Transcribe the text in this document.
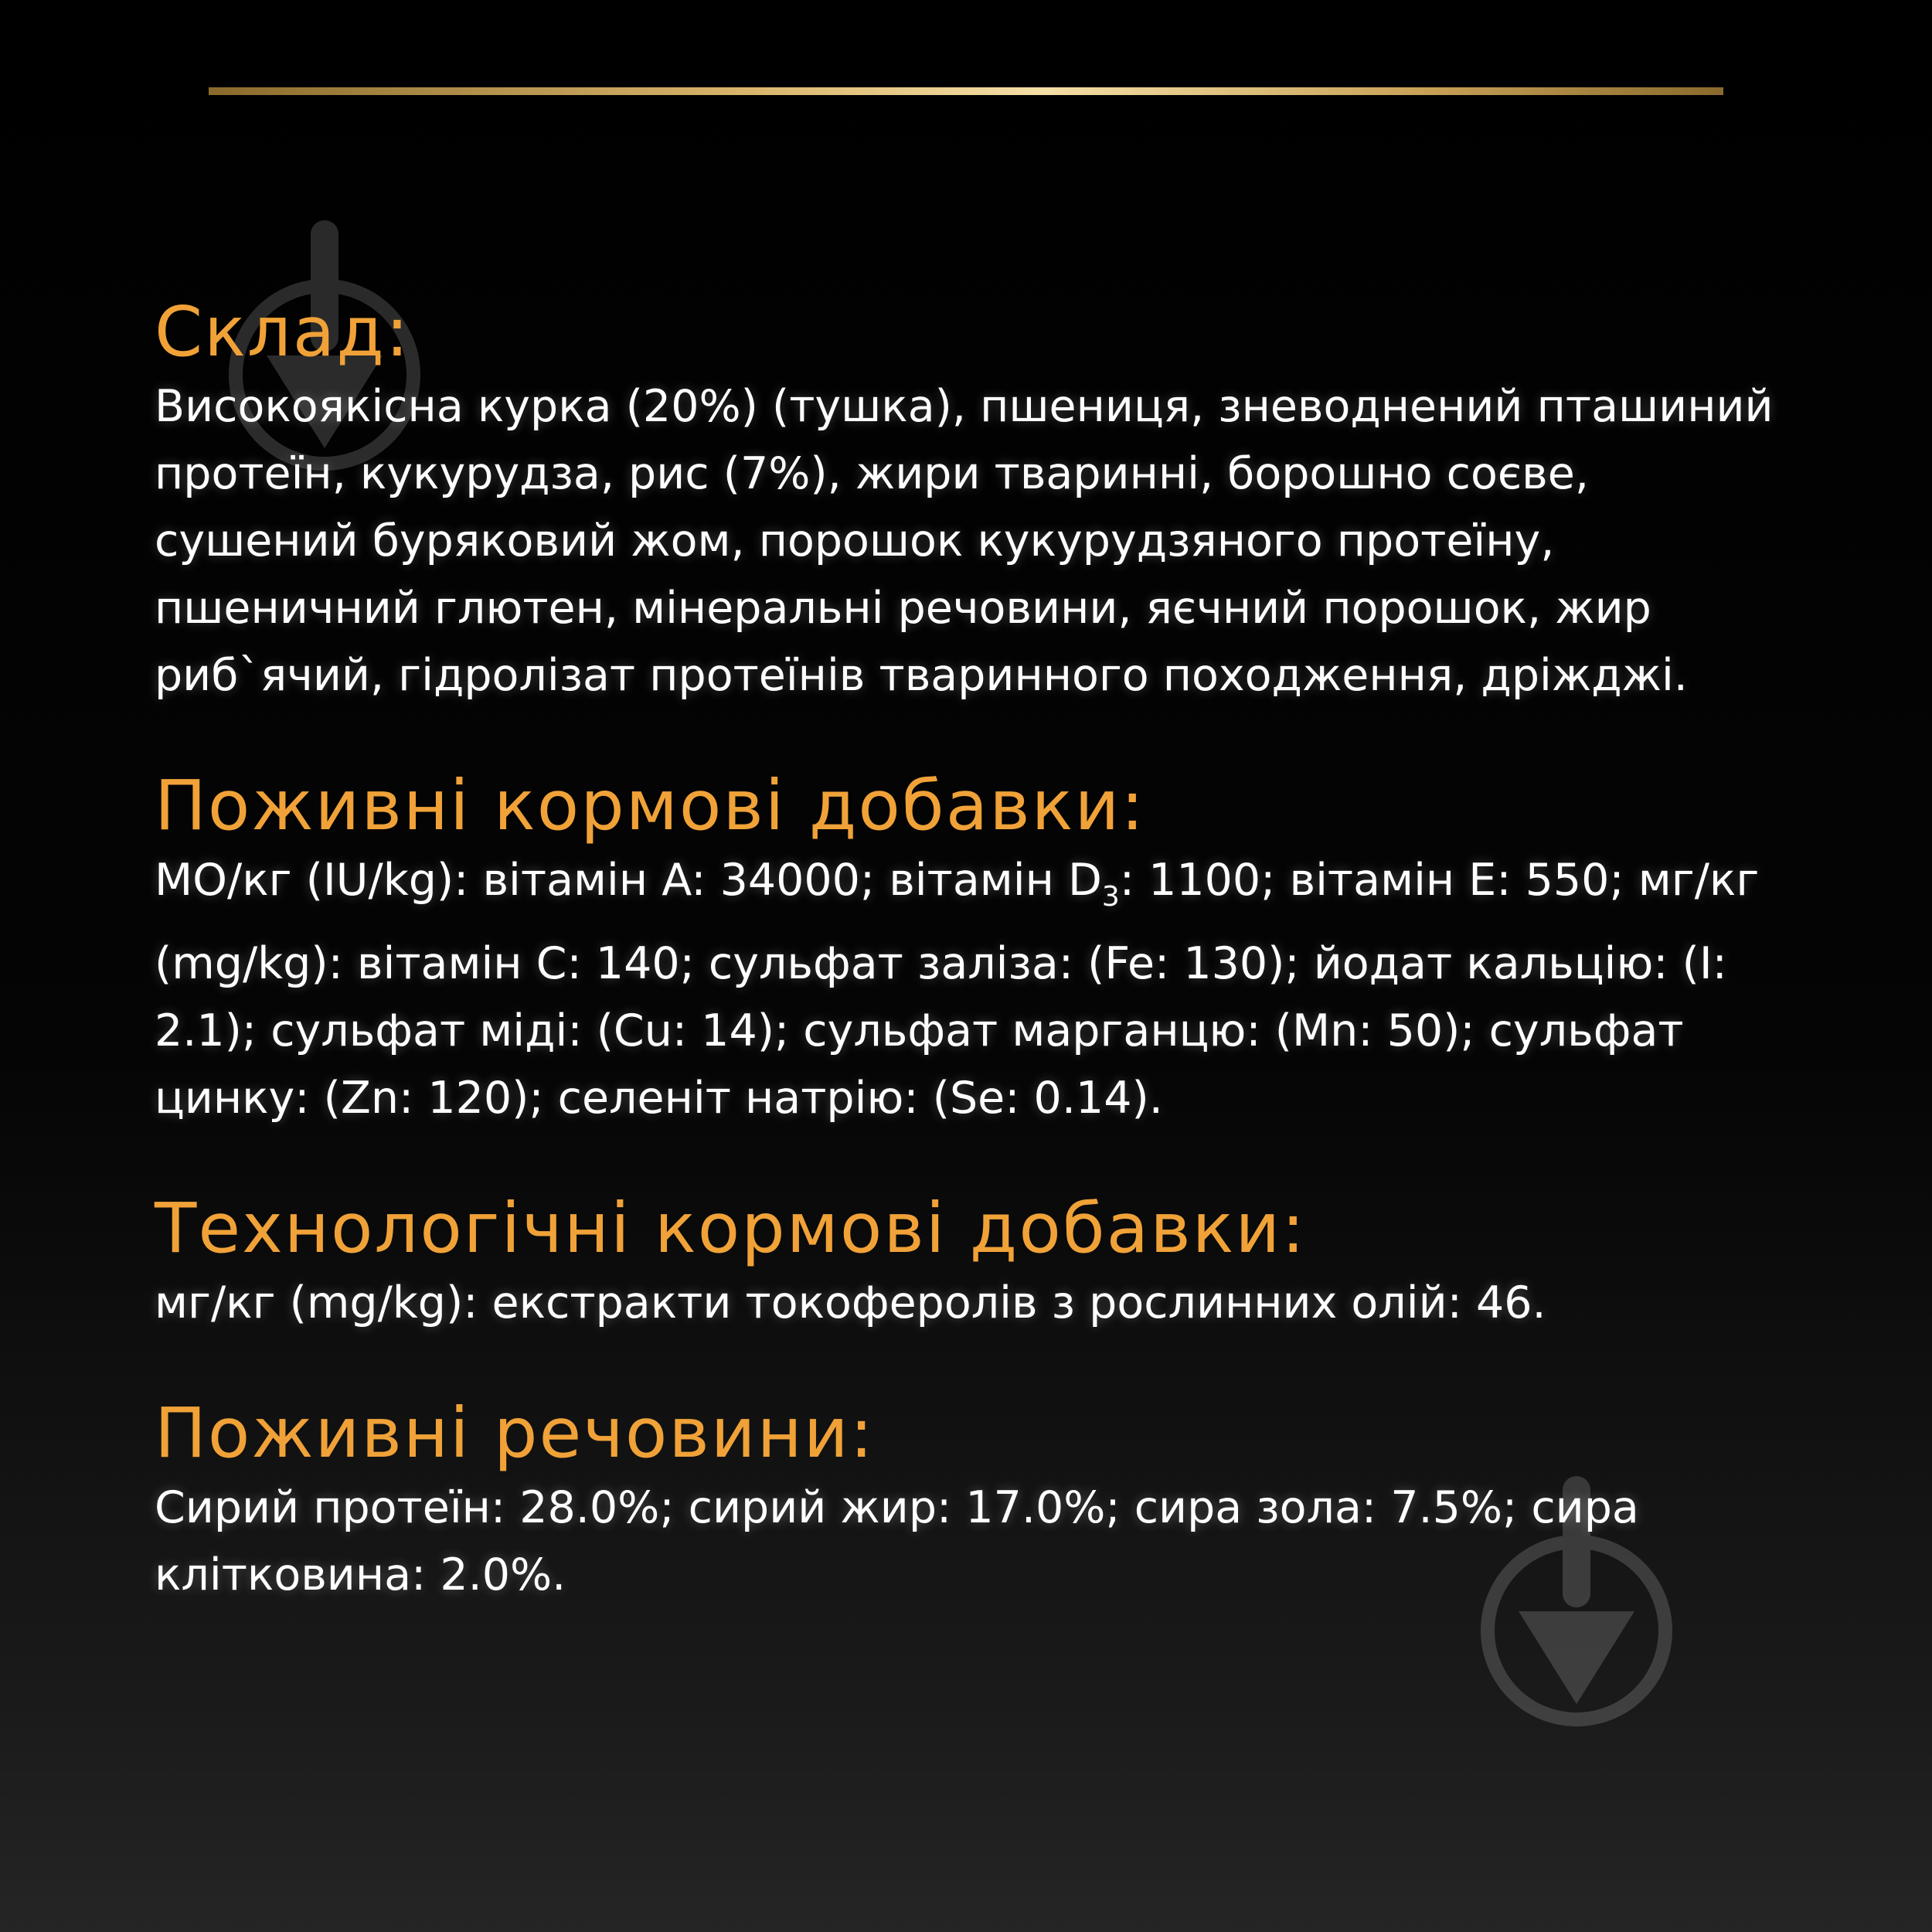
Склад:

Високоякісна курка (20%) (тушка), пшениця, зневоднений пташиний протеїн, кукурудза, рис (7%), жири тваринні, борошно соєве, сушений буряковий жом, порошок кукурудзяного протеїну, пшеничний глютен, мінеральні речовини, яєчний порошок, жир риб`ячий, гідролізат протеїнів тваринного походження, дріжджі.

Поживні кормові добавки:

МО/кг (IU/kg): вітамін A: 34000; вітамін $D_3$: 1100; вітамін E: 550; мг/кг (mg/kg): вітамін C: 140; сульфат заліза: (Fe: 130); йодат кальцію: (I: 2.1); сульфат міді: (Cu: 14); сульфат марганцю: (Mn: 50); сульфат цинку: (Zn: 120); селеніт натрію: (Se: 0.14).

Технологічні кормові добавки:

мг/кг (mg/kg): екстракти токоферолів з рослинних олій: 46.

Поживні речовини:

Сирий протеїн: 28.0%; сирий жир: 17.0%; сира зола: 7.5%; сира клітковина: 2.0%.
